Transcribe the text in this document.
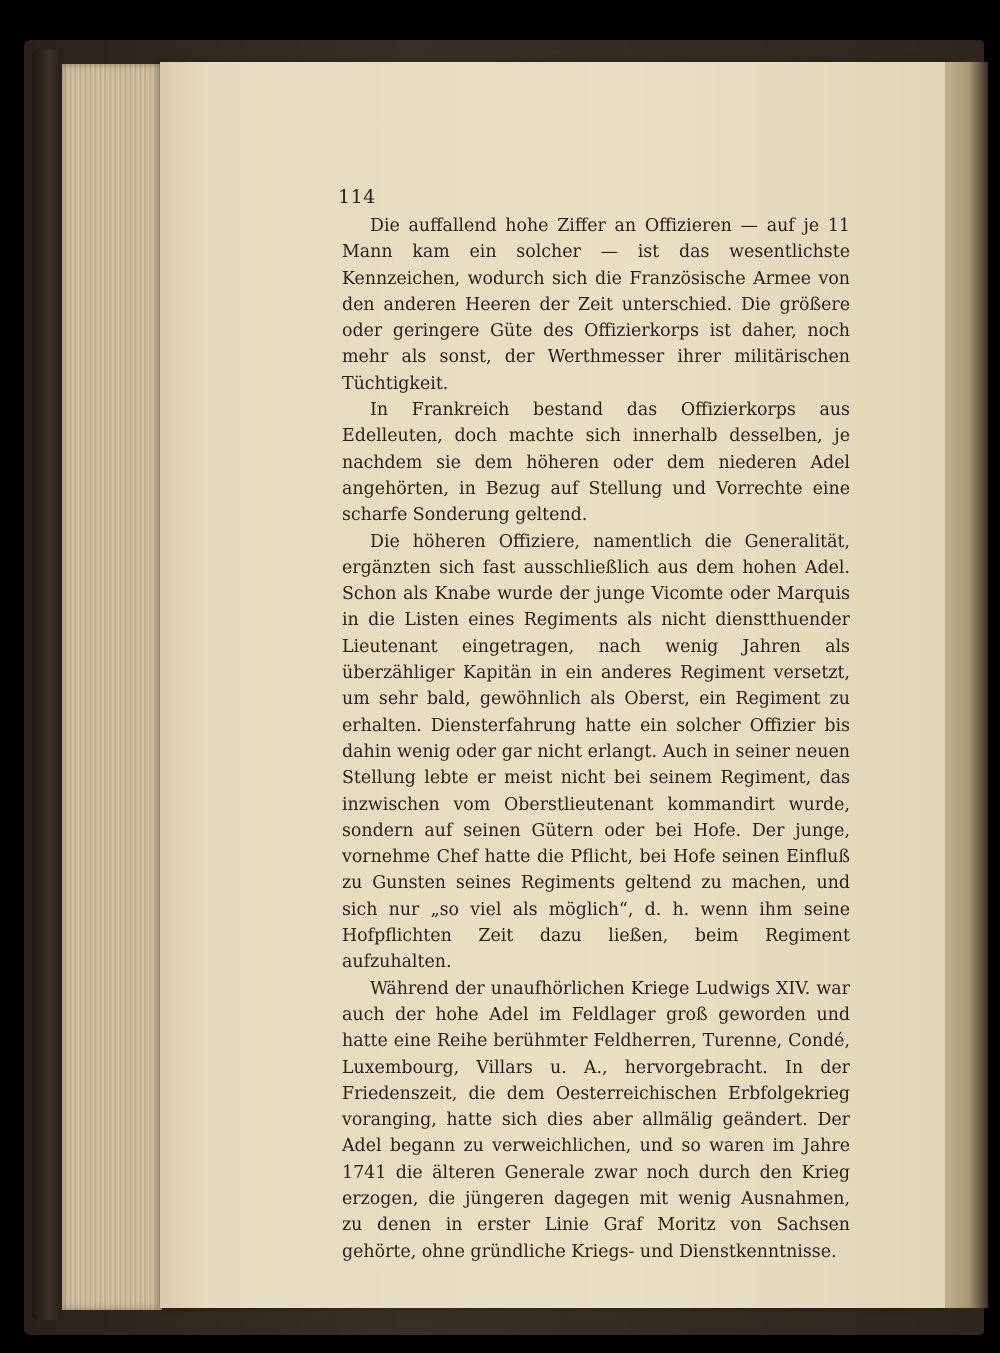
114

Die auffallend hohe Ziffer an Offizieren — auf je 11 Mann kam ein solcher — ist das wesentlichste Kennzeichen, wodurch sich die Französische Armee von den anderen Heeren der Zeit unterschied. Die größere oder geringere Güte des Offizierkorps ist daher, noch mehr als sonst, der Werthmesser ihrer militärischen Tüchtigkeit.

In Frankreich bestand das Offizierkorps aus Edelleuten, doch machte sich innerhalb desselben, je nachdem sie dem höheren oder dem niederen Adel angehörten, in Bezug auf Stellung und Vorrechte eine scharfe Sonderung geltend.

Die höheren Offiziere, namentlich die Generalität, ergänzten sich fast ausschließlich aus dem hohen Adel. Schon als Knabe wurde der junge Vicomte oder Marquis in die Listen eines Regiments als nicht dienstthuender Lieutenant eingetragen, nach wenig Jahren als überzähliger Kapitän in ein anderes Regiment versetzt, um sehr bald, gewöhnlich als Oberst, ein Regiment zu erhalten. Diensterfahrung hatte ein solcher Offizier bis dahin wenig oder gar nicht erlangt. Auch in seiner neuen Stellung lebte er meist nicht bei seinem Regiment, das inzwischen vom Oberstlieutenant kommandirt wurde, sondern auf seinen Gütern oder bei Hofe. Der junge, vornehme Chef hatte die Pflicht, bei Hofe seinen Einfluß zu Gunsten seines Regiments geltend zu machen, und sich nur „so viel als möglich“, d. h. wenn ihm seine Hofpflichten Zeit dazu ließen, beim Regiment aufzuhalten.

Während der unaufhörlichen Kriege Ludwigs XIV. war auch der hohe Adel im Feldlager groß geworden und hatte eine Reihe berühmter Feldherren, Turenne, Condé, Luxembourg, Villars u. A., hervorgebracht. In der Friedenszeit, die dem Oesterreichischen Erbfolgekrieg voranging, hatte sich dies aber allmälig geändert. Der Adel begann zu verweichlichen, und so waren im Jahre 1741 die älteren Generale zwar noch durch den Krieg erzogen, die jüngeren dagegen mit wenig Ausnahmen, zu denen in erster Linie Graf Moritz von Sachsen gehörte, ohne gründliche Kriegs- und Dienstkenntnisse.
